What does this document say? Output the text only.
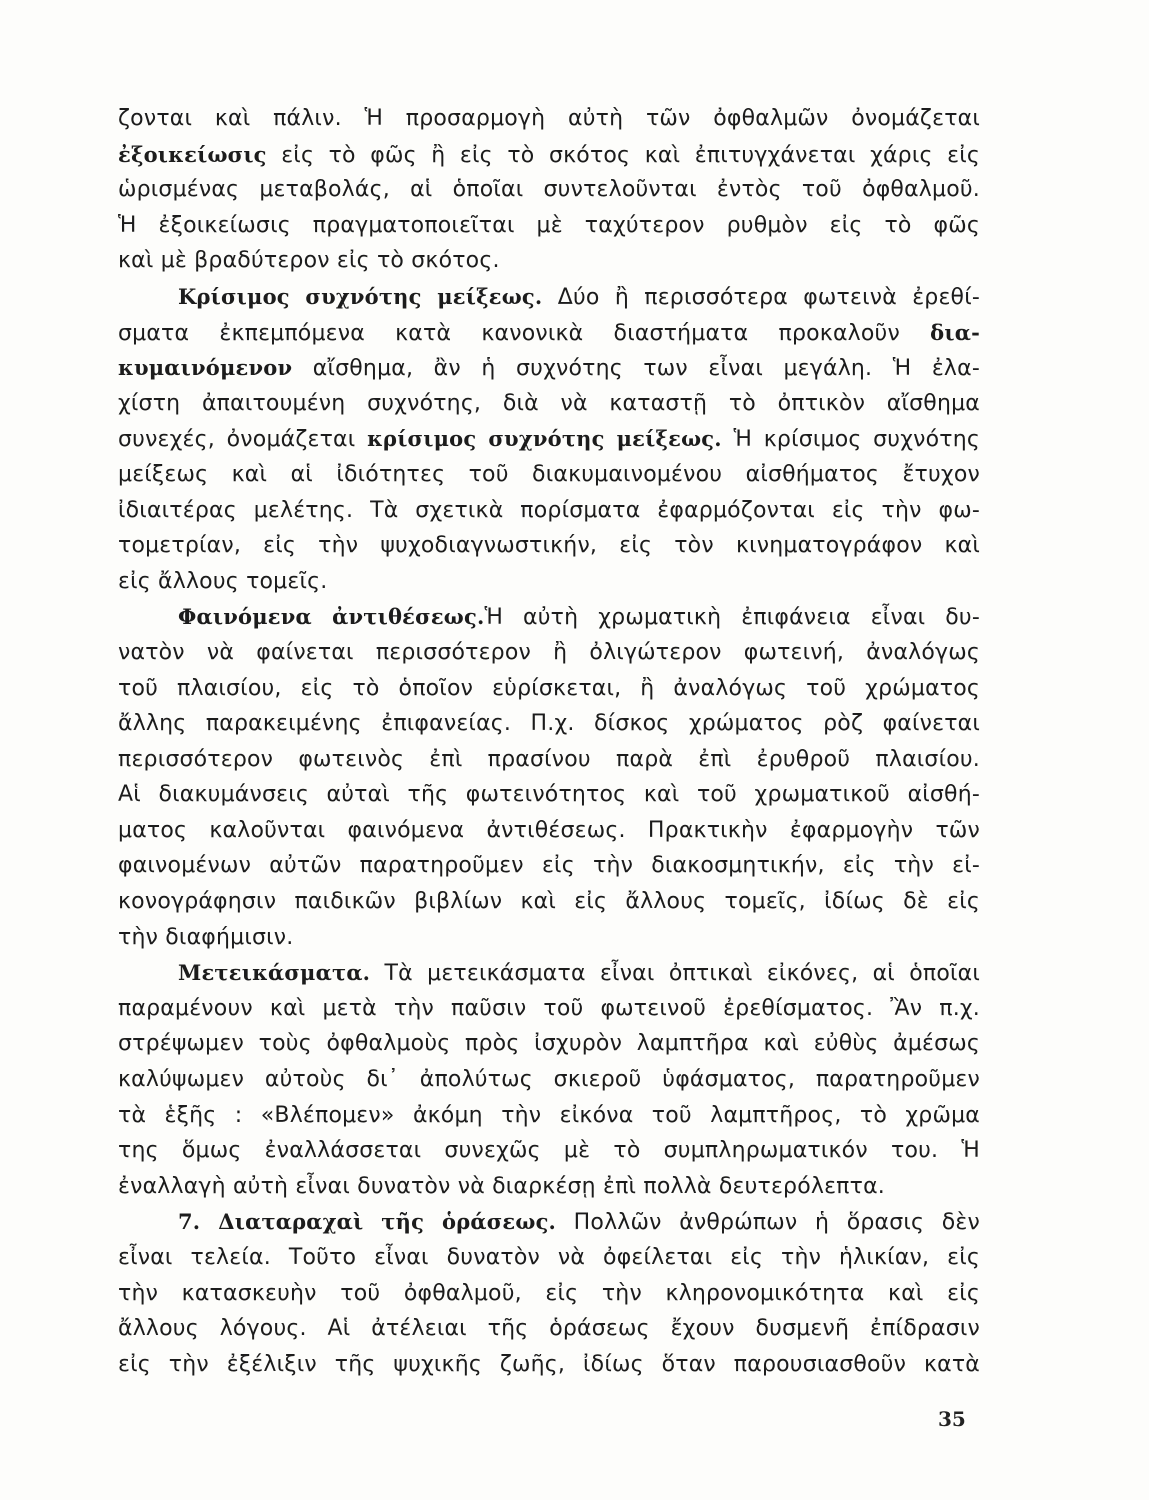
ζονται καὶ πάλιν. Ἡ προσαρμογὴ αὐτὴ τῶν ὀφθαλμῶν ὀνομάζεται
ἐξοικείωσις εἰς τὸ φῶς ἢ εἰς τὸ σκότος καὶ ἐπιτυγχάνεται χάρις εἰς
ὡρισμένας μεταβολάς, αἱ ὁποῖαι συντελοῦνται ἐντὸς τοῦ ὀφθαλμοῦ.
Ἡ ἐξοικείωσις πραγματοποιεῖται μὲ ταχύτερον ρυθμὸν εἰς τὸ φῶς
καὶ μὲ βραδύτερον εἰς τὸ σκότος.
Κρίσιμος συχνότης μείξεως. Δύο ἢ περισσότερα φωτεινὰ ἐρεθί-
σματα ἐκπεμπόμενα κατὰ κανονικὰ διαστήματα προκαλοῦν δια-
κυμαινόμενον αἴσθημα, ἂν ἡ συχνότης των εἶναι μεγάλη. Ἡ ἐλα-
χίστη ἀπαιτουμένη συχνότης, διὰ νὰ καταστῇ τὸ ὀπτικὸν αἴσθημα
συνεχές, ὀνομάζεται κρίσιμος συχνότης μείξεως. Ἡ κρίσιμος συχνότης
μείξεως καὶ αἱ ἰδιότητες τοῦ διακυμαινομένου αἰσθήματος ἔτυχον
ἰδιαιτέρας μελέτης. Τὰ σχετικὰ πορίσματα ἐφαρμόζονται εἰς τὴν φω-
τομετρίαν, εἰς τὴν ψυχοδιαγνωστικήν, εἰς τὸν κινηματογράφον καὶ
εἰς ἄλλους τομεῖς.
Φαινόμενα ἀντιθέσεως.Ἡ αὐτὴ χρωματικὴ ἐπιφάνεια εἶναι δυ-
νατὸν νὰ φαίνεται περισσότερον ἢ ὀλιγώτερον φωτεινή, ἀναλόγως
τοῦ πλαισίου, εἰς τὸ ὁποῖον εὑρίσκεται, ἢ ἀναλόγως τοῦ χρώματος
ἄλλης παρακειμένης ἐπιφανείας. Π.χ. δίσκος χρώματος ρὸζ φαίνεται
περισσότερον φωτεινὸς ἐπὶ πρασίνου παρὰ ἐπὶ ἐρυθροῦ πλαισίου.
Αἱ διακυμάνσεις αὐταὶ τῆς φωτεινότητος καὶ τοῦ χρωματικοῦ αἰσθή-
ματος καλοῦνται φαινόμενα ἀντιθέσεως. Πρακτικὴν ἐφαρμογὴν τῶν
φαινομένων αὐτῶν παρατηροῦμεν εἰς τὴν διακοσμητικήν, εἰς τὴν εἰ-
κονογράφησιν παιδικῶν βιβλίων καὶ εἰς ἄλλους τομεῖς, ἰδίως δὲ εἰς
τὴν διαφήμισιν.
Μετεικάσματα. Τὰ μετεικάσματα εἶναι ὀπτικαὶ εἰκόνες, αἱ ὁποῖαι
παραμένουν καὶ μετὰ τὴν παῦσιν τοῦ φωτεινοῦ ἐρεθίσματος. Ἂν π.χ.
στρέψωμεν τοὺς ὀφθαλμοὺς πρὸς ἰσχυρὸν λαμπτῆρα καὶ εὐθὺς ἀμέσως
καλύψωμεν αὐτοὺς δι᾽ ἀπολύτως σκιεροῦ ὑφάσματος, παρατηροῦμεν
τὰ ἑξῆς : «Βλέπομεν» ἀκόμη τὴν εἰκόνα τοῦ λαμπτῆρος, τὸ χρῶμα
της ὅμως ἐναλλάσσεται συνεχῶς μὲ τὸ συμπληρωματικόν του. Ἡ
ἐναλλαγὴ αὐτὴ εἶναι δυνατὸν νὰ διαρκέσῃ ἐπὶ πολλὰ δευτερόλεπτα.
7. Διαταραχαὶ τῆς ὁράσεως. Πολλῶν ἀνθρώπων ἡ ὅρασις δὲν
εἶναι τελεία. Τοῦτο εἶναι δυνατὸν νὰ ὀφείλεται εἰς τὴν ἡλικίαν, εἰς
τὴν κατασκευὴν τοῦ ὀφθαλμοῦ, εἰς τὴν κληρονομικότητα καὶ εἰς
ἄλλους λόγους. Αἱ ἀτέλειαι τῆς ὁράσεως ἔχουν δυσμενῆ ἐπίδρασιν
εἰς τὴν ἐξέλιξιν τῆς ψυχικῆς ζωῆς, ἰδίως ὅταν παρουσιασθοῦν κατὰ
35
